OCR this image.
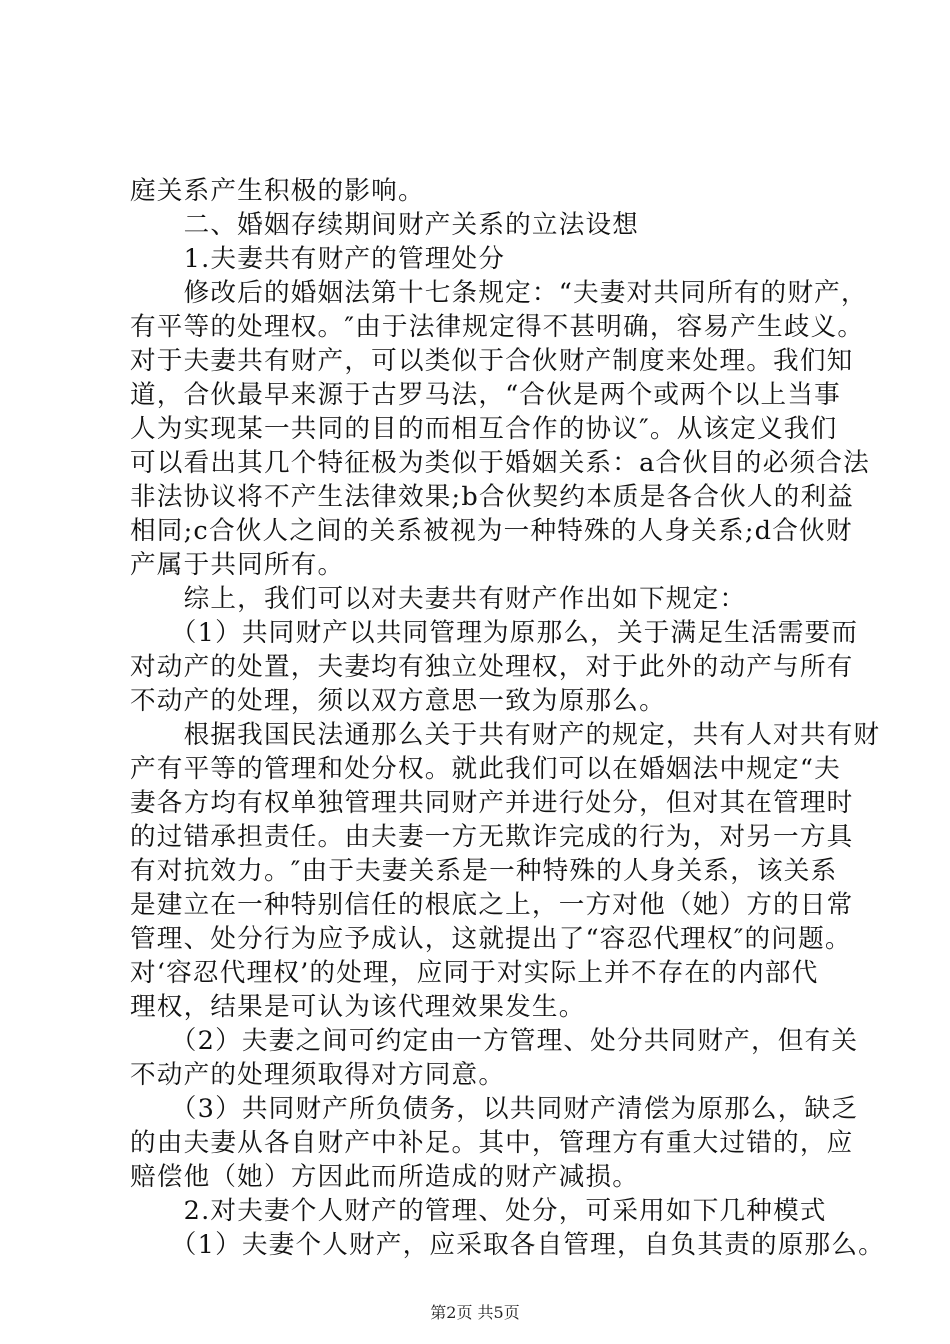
庭关系产生积极的影响。
　　二、婚姻存续期间财产关系的立法设想
　　1.夫妻共有财产的管理处分
　　修改后的婚姻法第十七条规定：“夫妻对共同所有的财产，
有平等的处理权。″由于法律规定得不甚明确，容易产生歧义。
对于夫妻共有财产，可以类似于合伙财产制度来处理。我们知
道，合伙最早来源于古罗马法，“合伙是两个或两个以上当事
人为实现某一共同的目的而相互合作的协议″。从该定义我们
可以看出其几个特征极为类似于婚姻关系：a合伙目的必须合法
非法协议将不产生法律效果;b合伙契约本质是各合伙人的利益
相同;c合伙人之间的关系被视为一种特殊的人身关系;d合伙财
产属于共同所有。
　　综上，我们可以对夫妻共有财产作出如下规定：
　　（1）共同财产以共同管理为原那么，关于满足生活需要而
对动产的处置，夫妻均有独立处理权，对于此外的动产与所有
不动产的处理，须以双方意思一致为原那么。
　　根据我国民法通那么关于共有财产的规定，共有人对共有财
产有平等的管理和处分权。就此我们可以在婚姻法中规定“夫
妻各方均有权单独管理共同财产并进行处分，但对其在管理时
的过错承担责任。由夫妻一方无欺诈完成的行为，对另一方具
有对抗效力。″由于夫妻关系是一种特殊的人身关系，该关系
是建立在一种特别信任的根底之上，一方对他（她）方的日常
管理、处分行为应予成认，这就提出了“容忍代理权″的问题。
对‘容忍代理权’的处理，应同于对实际上并不存在的内部代
理权，结果是可认为该代理效果发生。
　　（2）夫妻之间可约定由一方管理、处分共同财产，但有关
不动产的处理须取得对方同意。
　　（3）共同财产所负债务，以共同财产清偿为原那么，缺乏
的由夫妻从各自财产中补足。其中，管理方有重大过错的，应
赔偿他（她）方因此而所造成的财产减损。
　　2.对夫妻个人财产的管理、处分，可采用如下几种模式
　　（1）夫妻个人财产，应采取各自管理，自负其责的原那么。
第2页 共5页
